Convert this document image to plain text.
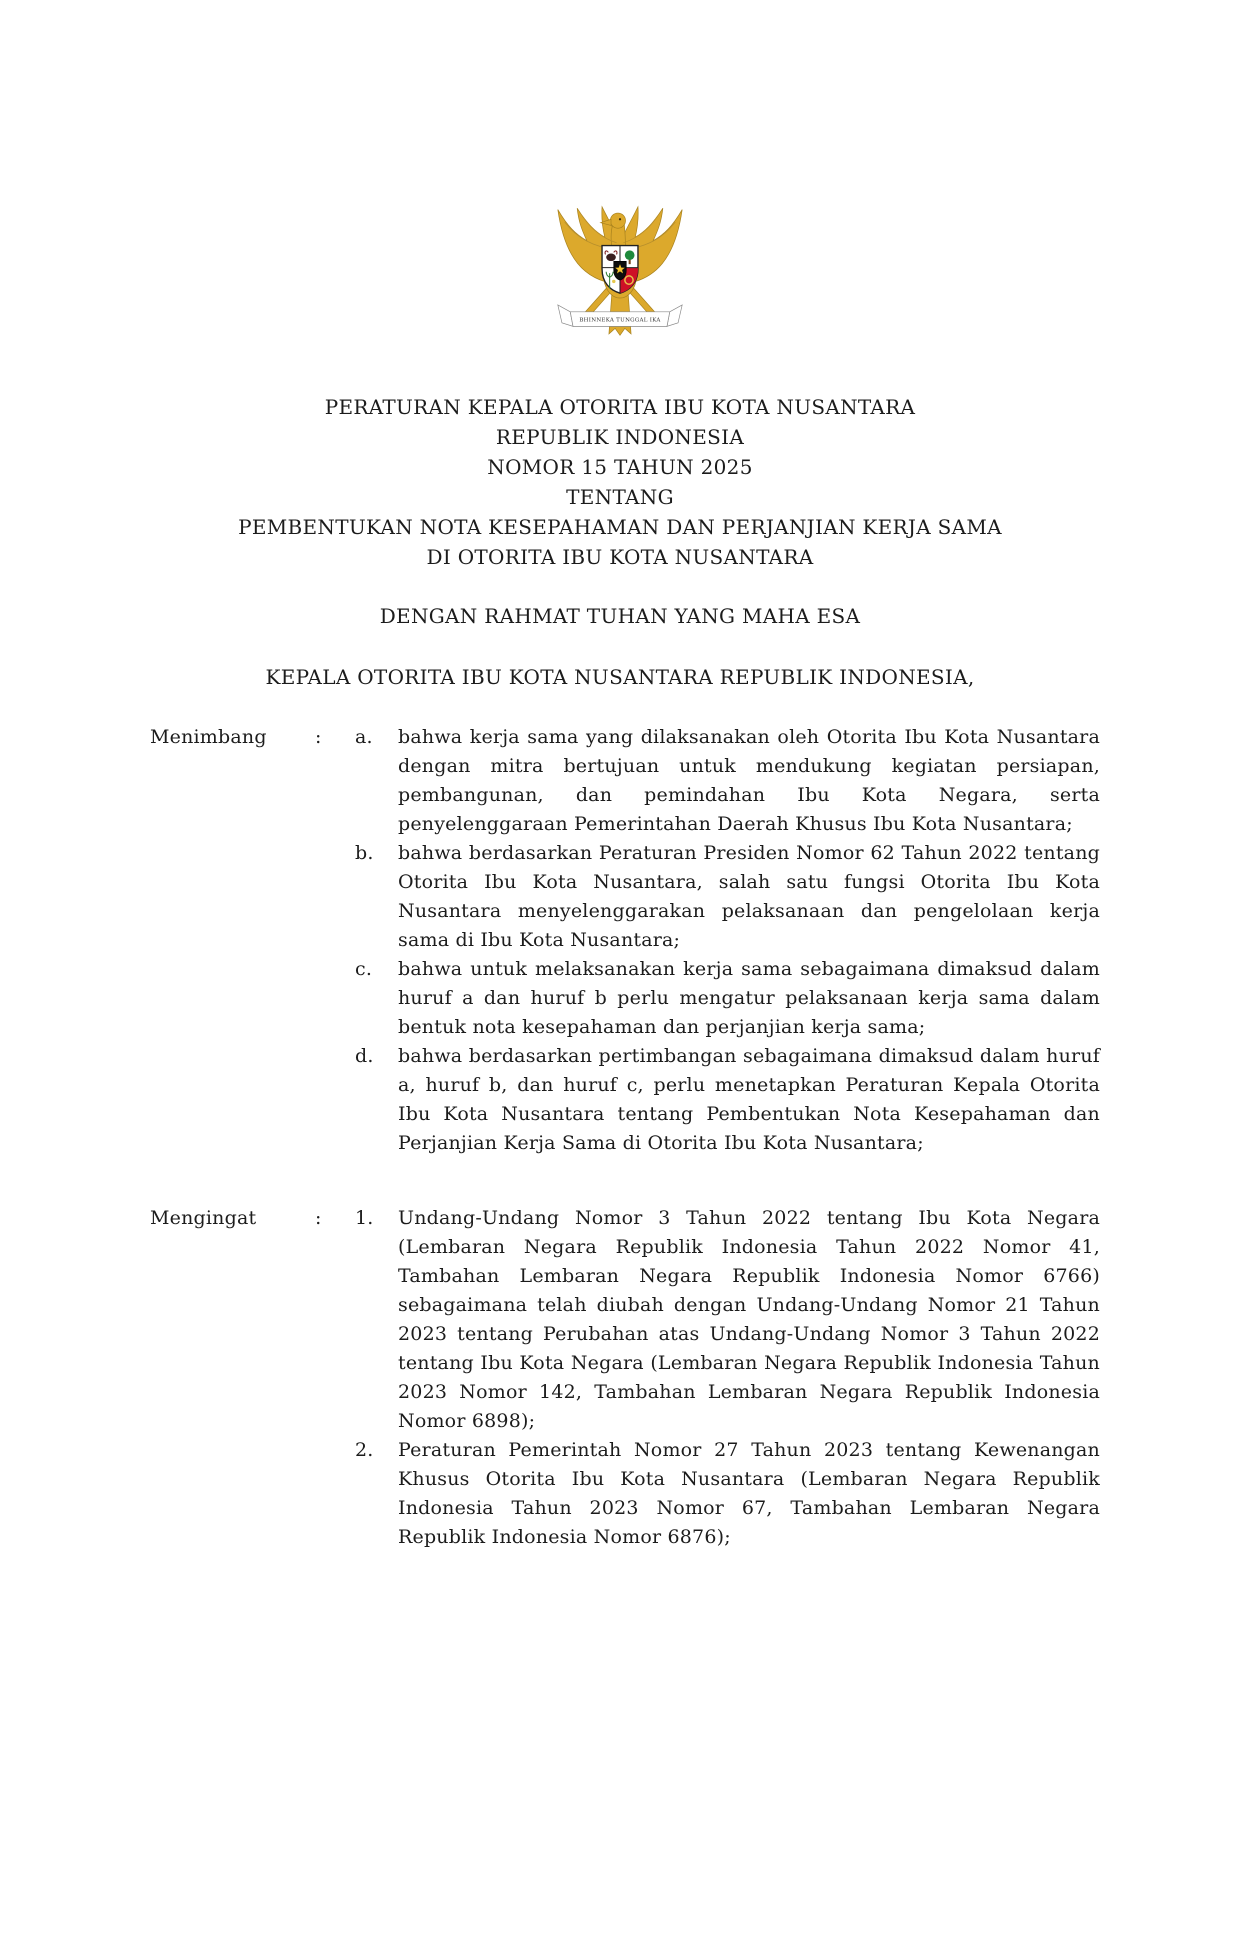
BHINNEKA TUNGGAL IKA
PERATURAN KEPALA OTORITA IBU KOTA NUSANTARA
REPUBLIK INDONESIA
NOMOR 15 TAHUN 2025
TENTANG
PEMBENTUKAN NOTA KESEPAHAMAN DAN PERJANJIAN KERJA SAMA
DI OTORITA IBU KOTA NUSANTARA
DENGAN RAHMAT TUHAN YANG MAHA ESA
KEPALA OTORITA IBU KOTA NUSANTARA REPUBLIK INDONESIA,
Menimbang	:	a.	bahwa kerja sama yang dilaksanakan oleh Otorita Ibu Kota Nusantara dengan mitra bertujuan untuk mendukung kegiatan persiapan, pembangunan, dan pemindahan Ibu Kota Negara, serta penyelenggaraan Pemerintahan Daerah Khusus Ibu Kota Nusantara;
b.	bahwa berdasarkan Peraturan Presiden Nomor 62 Tahun 2022 tentang Otorita Ibu Kota Nusantara, salah satu fungsi Otorita Ibu Kota Nusantara menyelenggarakan pelaksanaan dan pengelolaan kerja sama di Ibu Kota Nusantara;
c.	bahwa untuk melaksanakan kerja sama sebagaimana dimaksud dalam huruf a dan huruf b perlu mengatur pelaksanaan kerja sama dalam bentuk nota kesepahaman dan perjanjian kerja sama;
d.	bahwa berdasarkan pertimbangan sebagaimana dimaksud dalam huruf a, huruf b, dan huruf c, perlu menetapkan Peraturan Kepala Otorita Ibu Kota Nusantara tentang Pembentukan Nota Kesepahaman dan Perjanjian Kerja Sama di Otorita Ibu Kota Nusantara;
Mengingat	:	1.	Undang-Undang Nomor 3 Tahun 2022 tentang Ibu Kota Negara (Lembaran Negara Republik Indonesia Tahun 2022 Nomor 41, Tambahan Lembaran Negara Republik Indonesia Nomor 6766) sebagaimana telah diubah dengan Undang-Undang Nomor 21 Tahun 2023 tentang Perubahan atas Undang-Undang Nomor 3 Tahun 2022 tentang Ibu Kota Negara (Lembaran Negara Republik Indonesia Tahun 2023 Nomor 142, Tambahan Lembaran Negara Republik Indonesia Nomor 6898);
2.	Peraturan Pemerintah Nomor 27 Tahun 2023 tentang Kewenangan Khusus Otorita Ibu Kota Nusantara (Lembaran Negara Republik Indonesia Tahun 2023 Nomor 67, Tambahan Lembaran Negara Republik Indonesia Nomor 6876);
